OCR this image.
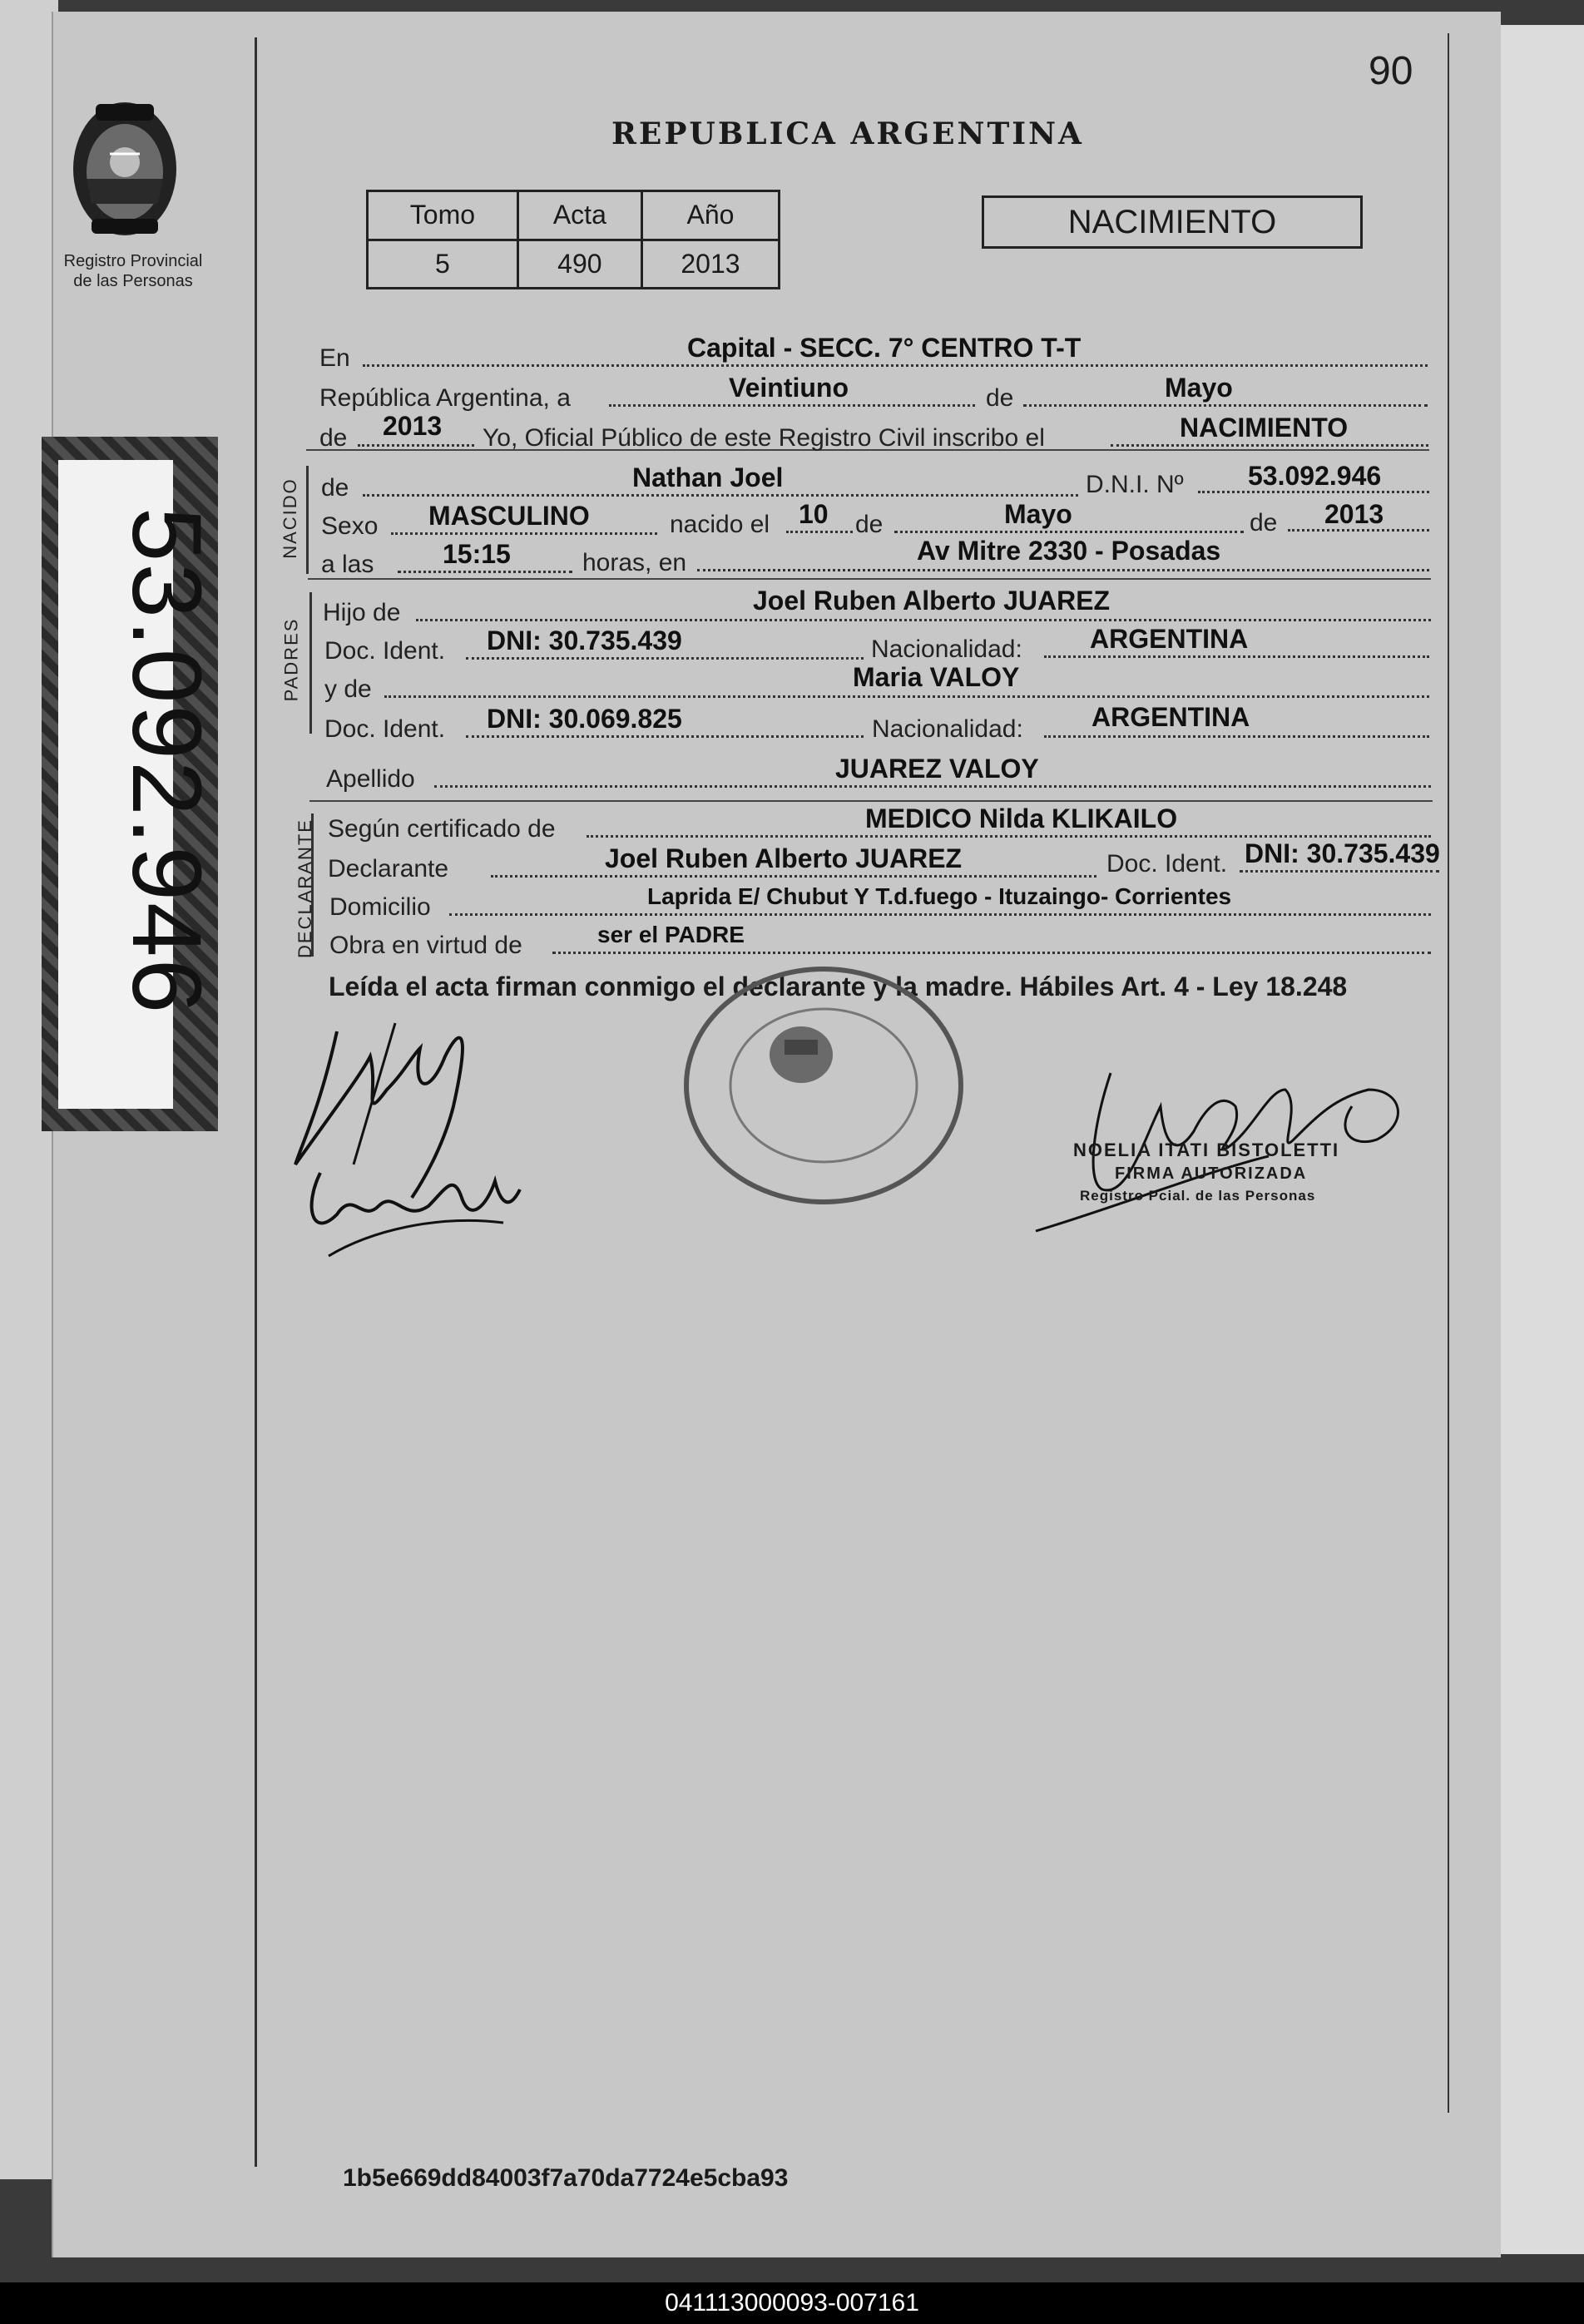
Registro Provincial
de las Personas
90
REPUBLICA ARGENTINA
Tomo	Acta	Año
5	490	2013
NACIMIENTO
53.092.946	NACIDO
PADRES
DECLARANTE
En	Capital - SECC. 7° CENTRO T-T
República Argentina, a	Veintiuno	de	Mayo
de 2013 Yo, Oficial Público de este Registro Civil inscribo el	NACIMIENTO
de	Nathan Joel	D.N.I. Nº 53.092.946
Sexo MASCULINO	nacido el 10 de	Mayo	de 2013
a las	15:15	horas, en	Av Mitre 2330 - Posadas
Hijo de	Joel Ruben Alberto JUAREZ
Doc. Ident. DNI: 30.735.439	Nacionalidad:	ARGENTINA
y de	Maria VALOY
Doc. Ident. DNI: 30.069.825	Nacionalidad:	ARGENTINA
Apellido	JUAREZ VALOY
Según certificado de	MEDICO Nilda KLIKAILO
Declarante	Joel Ruben Alberto JUAREZ	Doc. Ident. DNI: 30.735.439
Domicilio	Laprida E/ Chubut Y T.d.fuego - Ituzaingo- Corrientes
Obra en virtud de	ser el PADRE
Leída el acta firman conmigo el declarante y la madre. Hábiles Art. 4 - Ley 18.248
NOELIA ITATI BISTOLETTI
FIRMA AUTORIZADA
Registro Pcial. de las Personas
1b5e669dd84003f7a70da7724e5cba93
041113000093-007161
